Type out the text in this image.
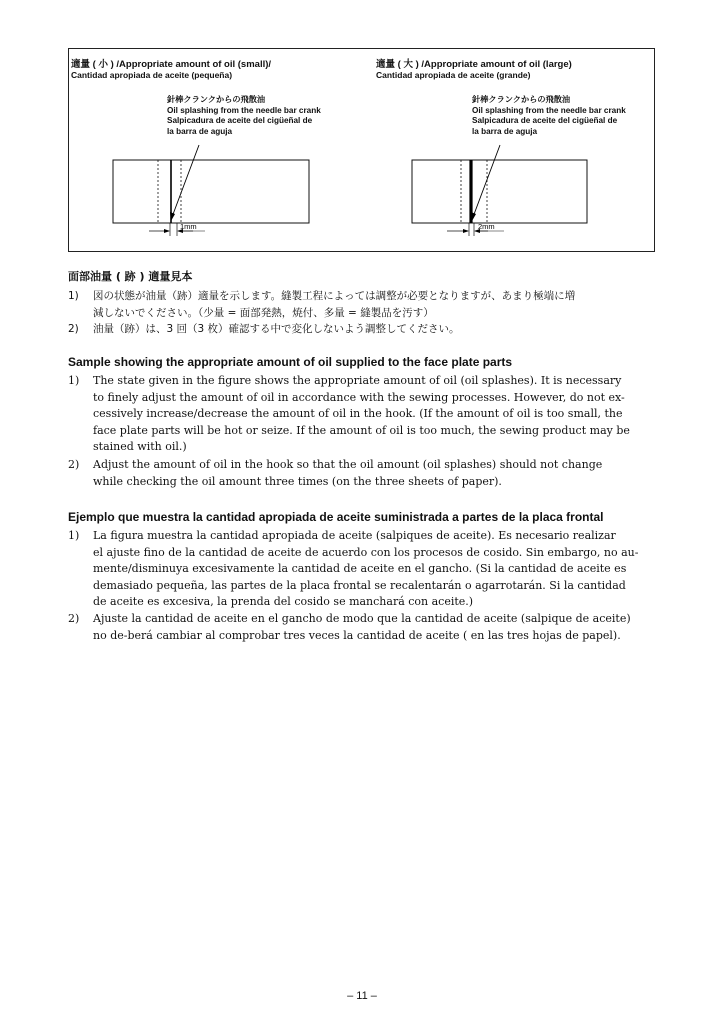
適量 ( 小 ) /Appropriate amount of oil (small)/
Cantidad apropiada de aceite (pequeña)
針棒クランクからの飛散油
Oil splashing from the needle bar crank
Salpicadura de aceite del cigüeñal de
la barra de aguja
1mm
適量 ( 大 ) /Appropriate amount of oil (large)
Cantidad apropiada de aceite (grande)
針棒クランクからの飛散油
Oil splashing from the needle bar crank
Salpicadura de aceite del cigüeñal de
la barra de aguja
2mm
面部油量 ( 跡 ) 適量見本
1) 図の状態が油量（跡）適量を示します。縫製工程によっては調整が必要となりますが、あまり極端に増
減しないでください。（少量 = 面部発熱，焼付、多量 = 縫製品を汚す）
2) 油量（跡）は、3 回（3 枚）確認する中で変化しないよう調整してください。
Sample showing the appropriate amount of oil supplied to the face plate parts
1) The state given in the figure shows the appropriate amount of oil (oil splashes). It is necessary
to finely adjust the amount of oil in accordance with the sewing processes. However, do not ex-
cessively increase/decrease the amount of oil in the hook. (If the amount of oil is too small, the
face plate parts will be hot or seize. If the amount of oil is too much, the sewing product may be
stained with oil.)
2) Adjust the amount of oil in the hook so that the oil amount (oil splashes) should not change
while checking the oil amount three times (on the three sheets of paper).
Ejemplo que muestra la cantidad apropiada de aceite suministrada a partes de la placa frontal
1) La figura muestra la cantidad apropiada de aceite (salpiques de aceite). Es necesario realizar
el ajuste fino de la cantidad de aceite de acuerdo con los procesos de cosido. Sin embargo, no au-
mente/disminuya excesivamente la cantidad de aceite en el gancho. (Si la cantidad de aceite es
demasiado pequeña, las partes de la placa frontal se recalentarán o agarrotarán. Si la cantidad
de aceite es excesiva, la prenda del cosido se manchará con aceite.)
2) Ajuste la cantidad de aceite en el gancho de modo que la cantidad de aceite (salpique de aceite)
no de-berá cambiar al comprobar tres veces la cantidad de aceite ( en las tres hojas de papel).
– 11 –
